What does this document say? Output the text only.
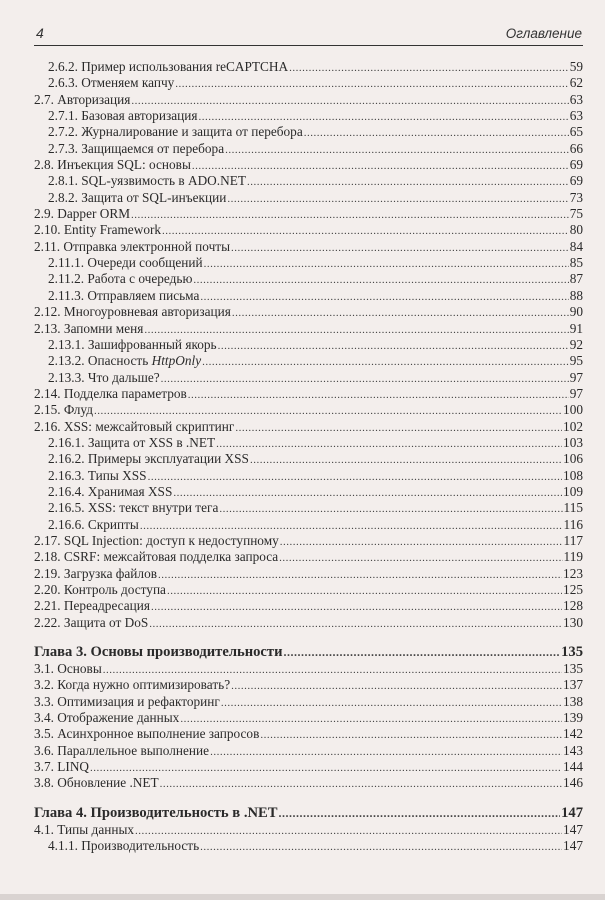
4	Оглавление
2.6.2. Пример использования reCAPTCHA .....	59
2.6.3. Отменяем капчу .....	62
2.7. Авторизация .....	63
2.7.1. Базовая авторизация .....	63
2.7.2. Журналирование и защита от перебора .....	65
2.7.3. Защищаемся от перебора .....	66
2.8. Инъекция SQL: основы .....	69
2.8.1. SQL-уязвимость в ADO.NET .....	69
2.8.2. Защита от SQL-инъекции .....	73
2.9. Dapper ORM .....	75
2.10. Entity Framework .....	80
2.11. Отправка электронной почты .....	84
2.11.1. Очереди сообщений .....	85
2.11.2. Работа с очередью .....	87
2.11.3. Отправляем письма .....	88
2.12. Многоуровневая авторизация .....	90
2.13. Запомни меня .....	91
2.13.1. Зашифрованный якорь .....	92
2.13.2. Опасность HttpOnly .....	95
2.13.3. Что дальше? .....	97
2.14. Подделка параметров .....	97
2.15. Флуд .....	100
2.16. XSS: межсайтовый скриптинг .....	102
2.16.1. Защита от XSS в .NET .....	103
2.16.2. Примеры эксплуатации XSS .....	106
2.16.3. Типы XSS .....	108
2.16.4. Хранимая XSS .....	109
2.16.5. XSS: текст внутри тега .....	115
2.16.6. Скрипты .....	116
2.17. SQL Injection: доступ к недоступному .....	117
2.18. CSRF: межсайтовая подделка запроса .....	119
2.19. Загрузка файлов .....	123
2.20. Контроль доступа .....	125
2.21. Переадресация .....	128
2.22. Защита от DoS .....	130
Глава 3. Основы производительности .....	135
3.1. Основы .....	135
3.2. Когда нужно оптимизировать? .....	137
3.3. Оптимизация и рефакторинг .....	138
3.4. Отображение данных .....	139
3.5. Асинхронное выполнение запросов .....	142
3.6. Параллельное выполнение .....	143
3.7. LINQ .....	144
3.8. Обновление .NET .....	146
Глава 4. Производительность в .NET .....	147
4.1. Типы данных .....	147
4.1.1. Производительность .....	147
